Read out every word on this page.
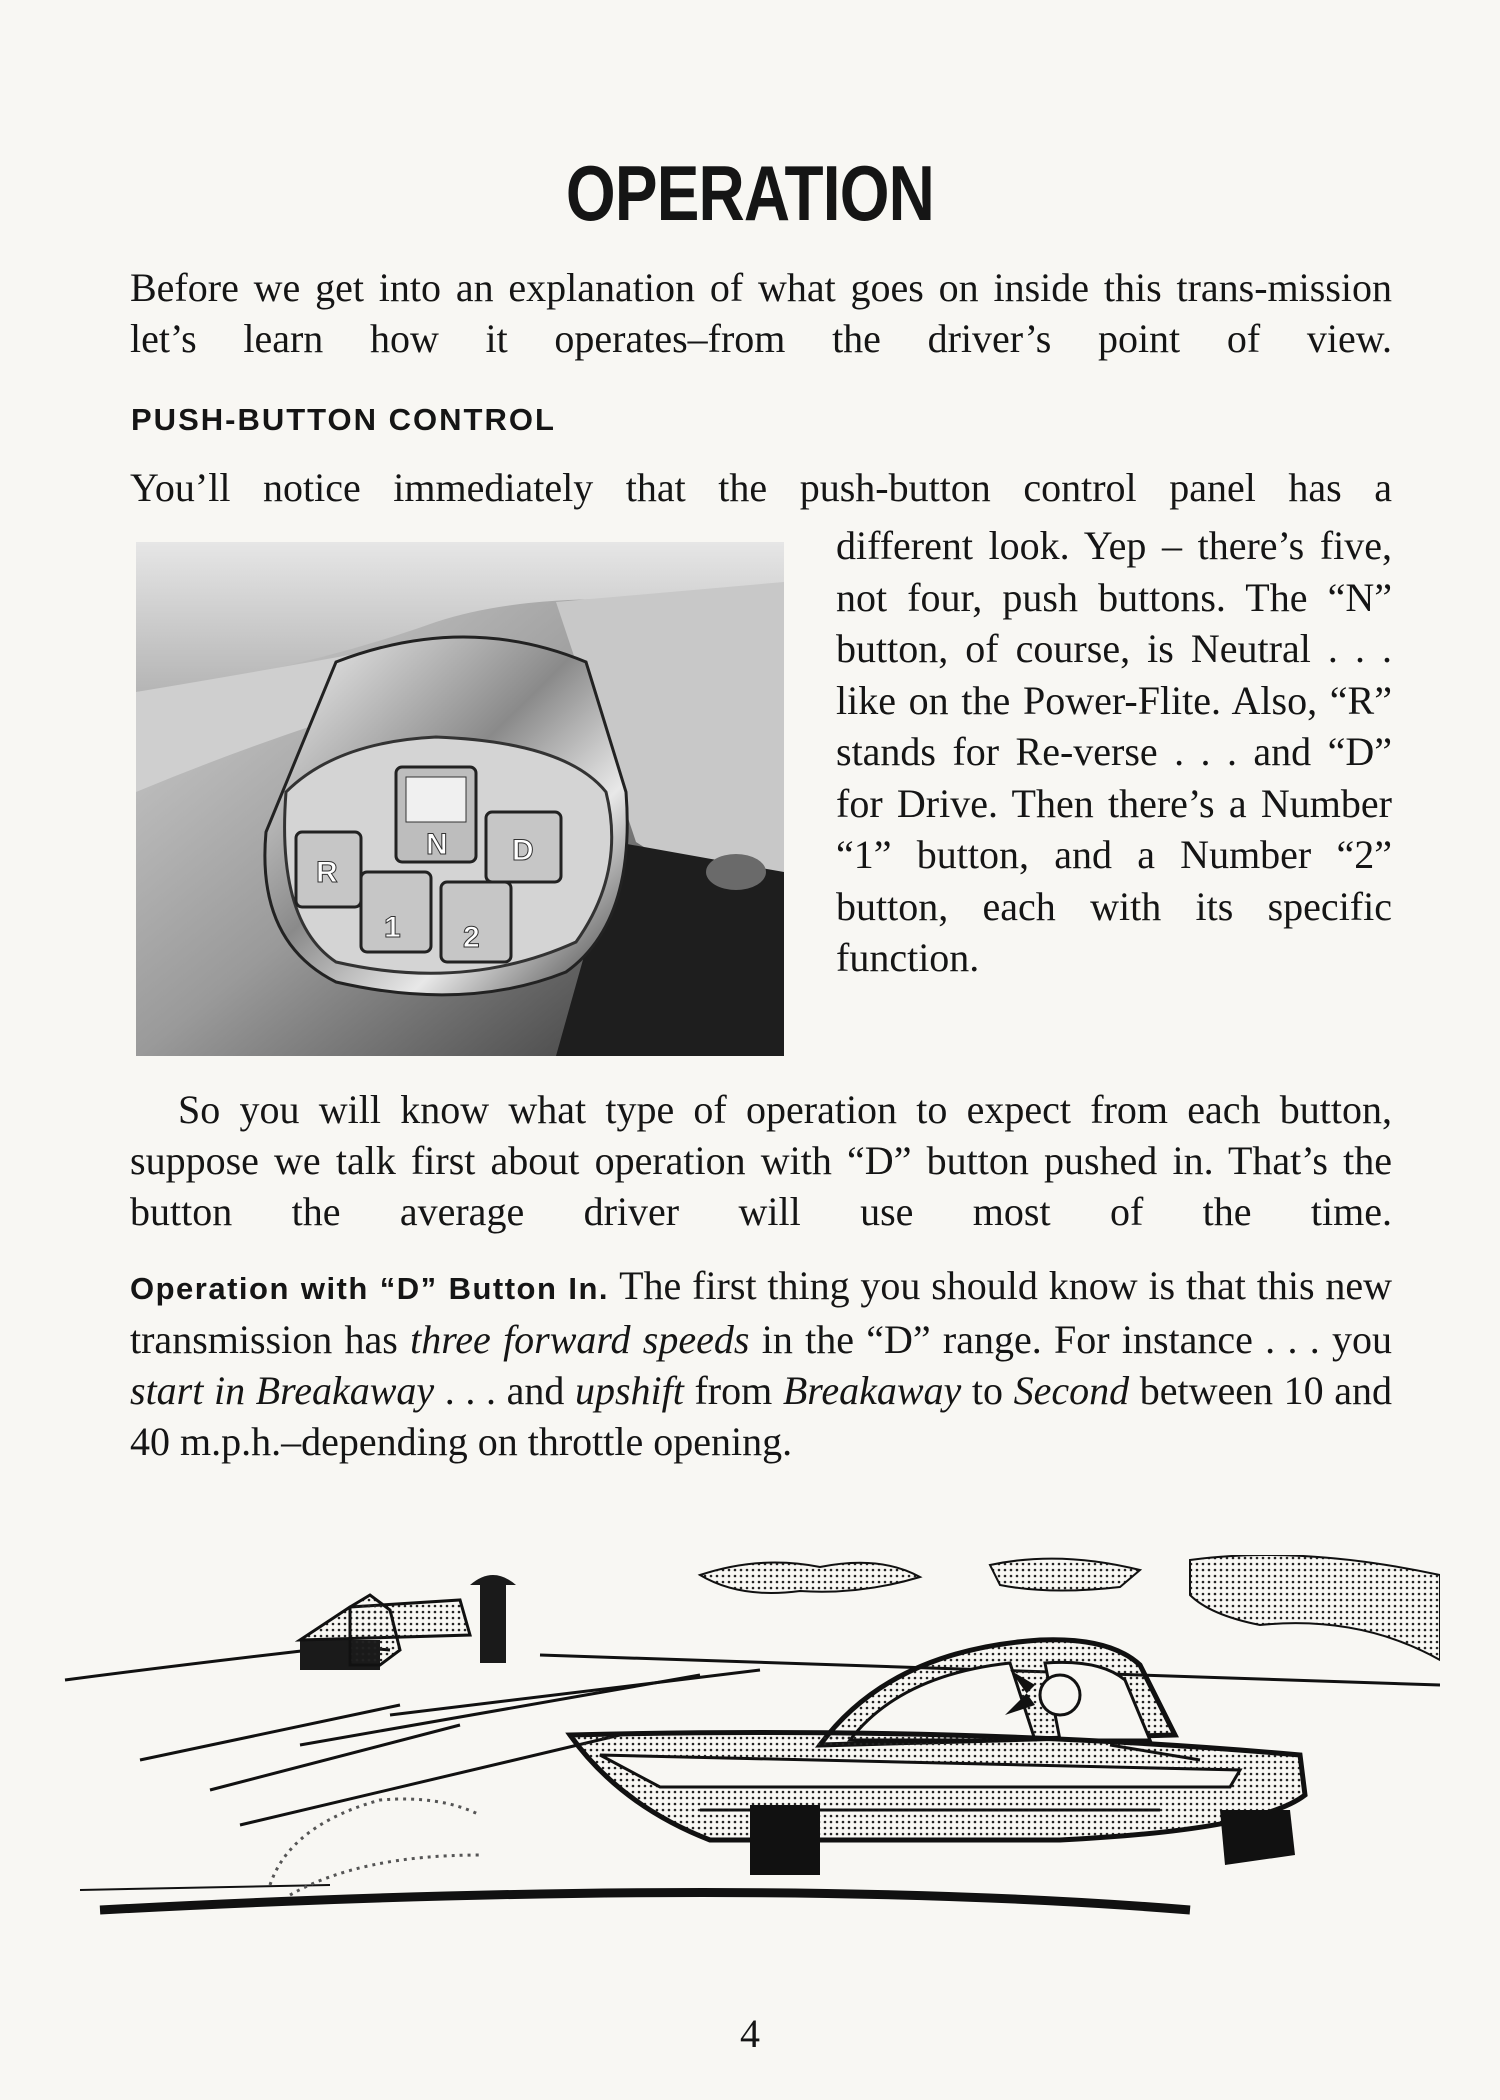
OPERATION
Before we get into an explanation of what goes on inside this trans-mission let’s learn how it operates–from the driver’s point of view.
PUSH-BUTTON CONTROL
You’ll notice immediately that the push-button control panel has a
N D
R
1 2
different look. Yep – there’s five, not four, push buttons. The “N” button, of course, is Neutral . . . like on the Power-Flite. Also, “R” stands for Re-verse . . . and “D” for Drive. Then there’s a Number “1” button, and a Number “2” button, each with its specific function.
So you will know what type of operation to expect from each button, suppose we talk first about operation with “D” button pushed in. That’s the button the average driver will use most of the time.
Operation with “D” Button In. The first thing you should know is that this new transmission has three forward speeds in the “D” range. For instance . . . you start in Breakaway . . . and upshift from Breakaway to Second between 10 and 40 m.p.h.–depending on throttle opening.
4
